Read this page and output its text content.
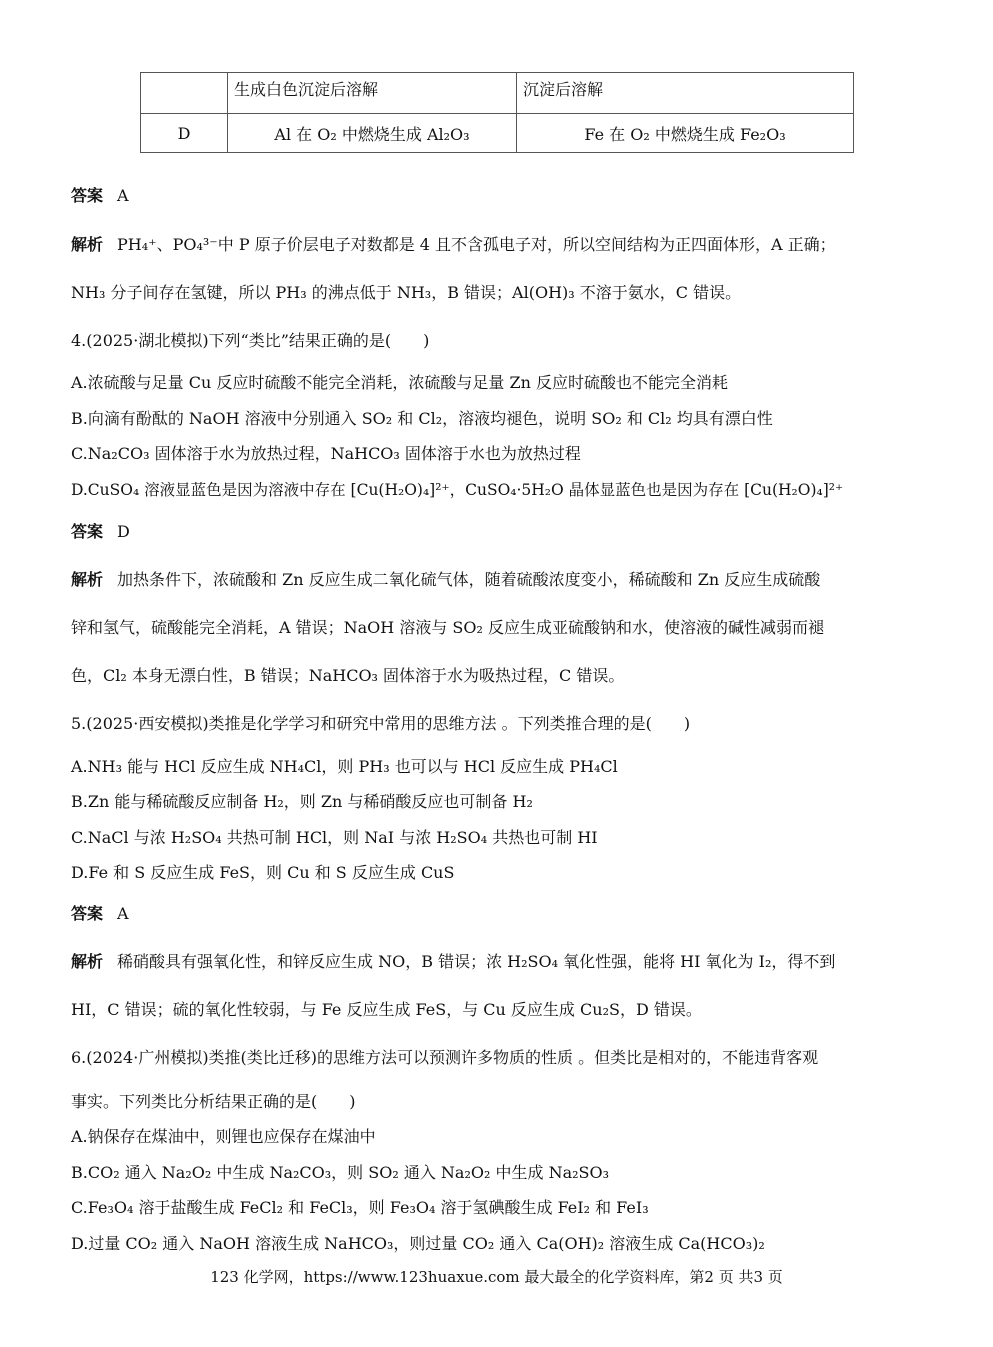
	生成白色沉淀后溶解	沉淀后溶解
D	Al 在 O₂ 中燃烧生成 Al₂O₃	Fe 在 O₂ 中燃烧生成 Fe₂O₃
答案 A
解析 PH₄⁺、PO₄³⁻中 P 原子价层电子对数都是 4 且不含孤电子对，所以空间结构为正四面体形，A 正确；
NH₃ 分子间存在氢键，所以 PH₃ 的沸点低于 NH₃，B 错误；Al(OH)₃ 不溶于氨水，C 错误。
4.(2025·湖北模拟)下列“类比”结果正确的是(　　)
A.浓硫酸与足量 Cu 反应时硫酸不能完全消耗，浓硫酸与足量 Zn 反应时硫酸也不能完全消耗
B.向滴有酚酞的 NaOH 溶液中分别通入 SO₂ 和 Cl₂，溶液均褪色，说明 SO₂ 和 Cl₂ 均具有漂白性
C.Na₂CO₃ 固体溶于水为放热过程，NaHCO₃ 固体溶于水也为放热过程
D.CuSO₄ 溶液显蓝色是因为溶液中存在 [Cu(H₂O)₄]²⁺，CuSO₄·5H₂O 晶体显蓝色也是因为存在 [Cu(H₂O)₄]²⁺
答案 D
解析 加热条件下，浓硫酸和 Zn 反应生成二氧化硫气体，随着硫酸浓度变小，稀硫酸和 Zn 反应生成硫酸
锌和氢气，硫酸能完全消耗，A 错误；NaOH 溶液与 SO₂ 反应生成亚硫酸钠和水，使溶液的碱性减弱而褪
色，Cl₂ 本身无漂白性，B 错误；NaHCO₃ 固体溶于水为吸热过程，C 错误。
5.(2025·西安模拟)类推是化学学习和研究中常用的思维方法 。下列类推合理的是(　　)
A.NH₃ 能与 HCl 反应生成 NH₄Cl，则 PH₃ 也可以与 HCl 反应生成 PH₄Cl
B.Zn 能与稀硫酸反应制备 H₂，则 Zn 与稀硝酸反应也可制备 H₂
C.NaCl 与浓 H₂SO₄ 共热可制 HCl，则 NaI 与浓 H₂SO₄ 共热也可制 HI
D.Fe 和 S 反应生成 FeS，则 Cu 和 S 反应生成 CuS
答案 A
解析 稀硝酸具有强氧化性，和锌反应生成 NO，B 错误；浓 H₂SO₄ 氧化性强，能将 HI 氧化为 I₂，得不到
HI，C 错误；硫的氧化性较弱，与 Fe 反应生成 FeS，与 Cu 反应生成 Cu₂S，D 错误。
6.(2024·广州模拟)类推(类比迁移)的思维方法可以预测许多物质的性质 。但类比是相对的，不能违背客观
事实。下列类比分析结果正确的是(　　)
A.钠保存在煤油中，则锂也应保存在煤油中
B.CO₂ 通入 Na₂O₂ 中生成 Na₂CO₃，则 SO₂ 通入 Na₂O₂ 中生成 Na₂SO₃
C.Fe₃O₄ 溶于盐酸生成 FeCl₂ 和 FeCl₃，则 Fe₃O₄ 溶于氢碘酸生成 FeI₂ 和 FeI₃
D.过量 CO₂ 通入 NaOH 溶液生成 NaHCO₃，则过量 CO₂ 通入 Ca(OH)₂ 溶液生成 Ca(HCO₃)₂
123 化学网，https://www.123huaxue.com 最大最全的化学资料库，第2 页 共3 页
